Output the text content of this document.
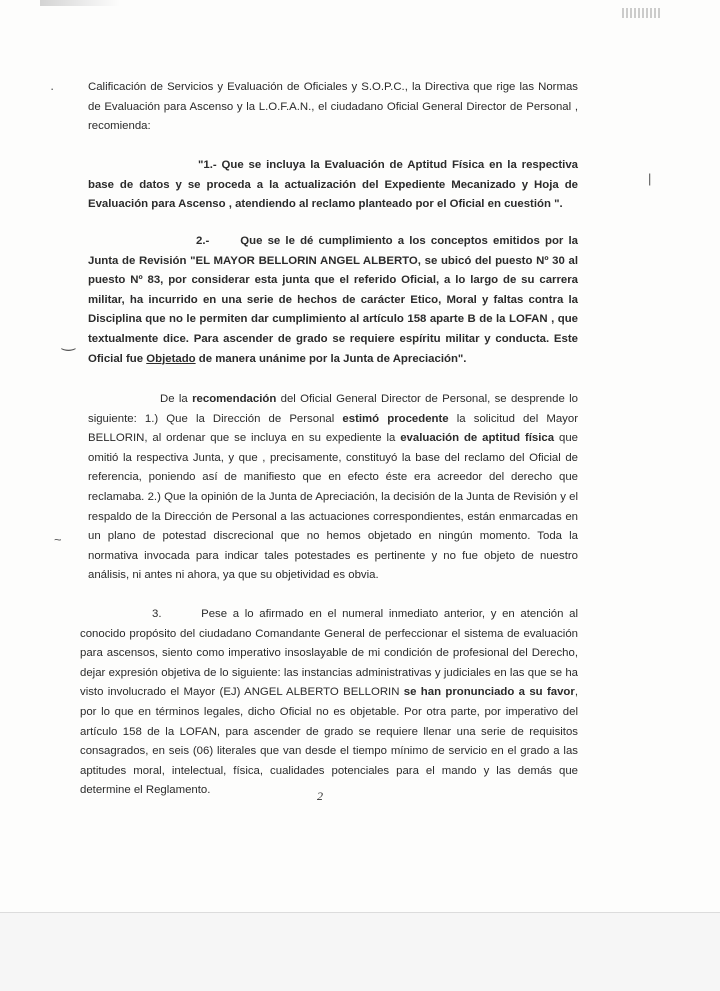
·
‿
~
|

Calificación de Servicios y Evaluación de Oficiales y S.O.P.C., la Directiva que rige las Normas de Evaluación para Ascenso y la L.O.F.A.N., el ciudadano Oficial General Director de Personal , recomienda:

"1.- Que se incluya la Evaluación de Aptitud Física en la respectiva base de datos y se proceda a la actualización del Expediente Mecanizado y Hoja de Evaluación para Ascenso , atendiendo al reclamo planteado por el Oficial en cuestión ".

2.-	Que se le dé cumplimiento a los conceptos emitidos por la Junta de Revisión "EL MAYOR BELLORIN ANGEL ALBERTO, se ubicó del puesto Nº 30 al puesto Nº 83, por considerar esta junta que el referido Oficial, a lo largo de su carrera militar, ha incurrido en una serie de hechos de carácter Etico, Moral y faltas contra la Disciplina que no le permiten dar cumplimiento al artículo 158 aparte B de la LOFAN , que textualmente dice. Para ascender de grado se requiere espíritu militar y conducta. Este Oficial fue Objetado de manera unánime por la Junta de Apreciación".

De la recomendación del Oficial General Director de Personal, se desprende lo siguiente: 1.) Que la Dirección de Personal estimó procedente la solicitud del Mayor BELLORIN, al ordenar que se incluya en su expediente la evaluación de aptitud física que omitió la respectiva Junta, y que , precisamente, constituyó la base del reclamo del Oficial de referencia, poniendo así de manifiesto que en efecto éste era acreedor del derecho que reclamaba. 2.) Que la opinión de la Junta de Apreciación, la decisión de la Junta de Revisión y el respaldo de la Dirección de Personal a las actuaciones correspondientes, están enmarcadas en un plano de potestad discrecional que no hemos objetado en ningún momento. Toda la normativa invocada para indicar tales potestades es pertinente y no fue objeto de nuestro análisis, ni antes ni ahora, ya que su objetividad es obvia.

3.	Pese a lo afirmado en el numeral inmediato anterior, y en atención al conocido propósito del ciudadano Comandante General de perfeccionar el sistema de evaluación para ascensos, siento como imperativo insoslayable de mi condición de profesional del Derecho, dejar expresión objetiva de lo siguiente: las instancias administrativas y judiciales en las que se ha visto involucrado el Mayor (EJ) ANGEL ALBERTO BELLORIN se han pronunciado a su favor, por lo que en términos legales, dicho Oficial no es objetable. Por otra parte, por imperativo del artículo 158 de la LOFAN, para ascender de grado se requiere llenar una serie de requisitos consagrados, en seis (06) literales que van desde el tiempo mínimo de servicio en el grado a las aptitudes moral, intelectual, física, cualidades potenciales para el mando y las demás que determine el Reglamento.	2
